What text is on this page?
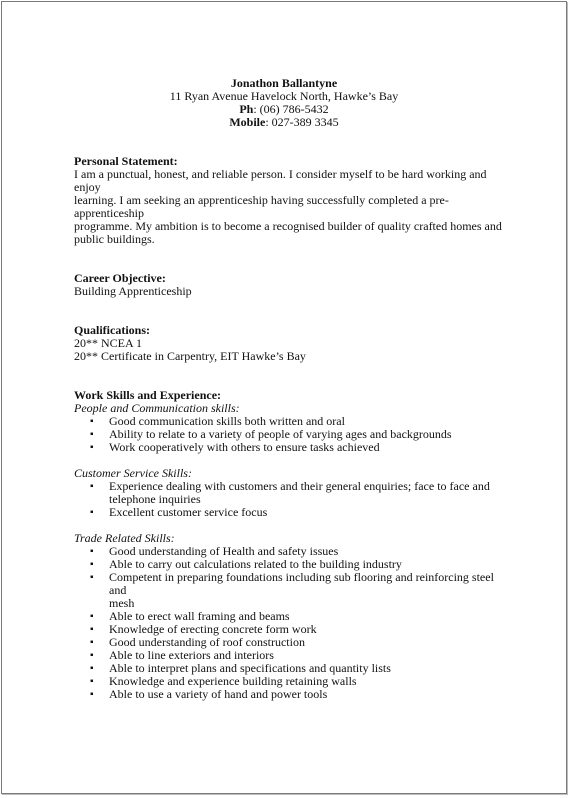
Jonathon Ballantyne
11 Ryan Avenue Havelock North, Hawke’s Bay
Ph: (06) 786-5432
Mobile: 027-389 3345
Personal Statement:
I am a punctual, honest, and reliable person. I consider myself to be hard working and enjoy
learning. I am seeking an apprenticeship having successfully completed a pre-apprenticeship
programme. My ambition is to become a recognised builder of quality crafted homes and
public buildings.
Career Objective:
Building Apprenticeship
Qualifications:
20** NCEA 1
20** Certificate in Carpentry, EIT Hawke’s Bay
Work Skills and Experience:
People and Communication skills:
▪ Good communication skills both written and oral
▪ Ability to relate to a variety of people of varying ages and backgrounds
▪ Work cooperatively with others to ensure tasks achieved
Customer Service Skills:
▪ Experience dealing with customers and their general enquiries; face to face and
telephone inquiries
▪ Excellent customer service focus
Trade Related Skills:
▪ Good understanding of Health and safety issues
▪ Able to carry out calculations related to the building industry
▪ Competent in preparing foundations including sub flooring and reinforcing steel and
mesh
▪ Able to erect wall framing and beams
▪ Knowledge of erecting concrete form work
▪ Good understanding of roof construction
▪ Able to line exteriors and interiors
▪ Able to interpret plans and specifications and quantity lists
▪ Knowledge and experience building retaining walls
▪ Able to use a variety of hand and power tools
